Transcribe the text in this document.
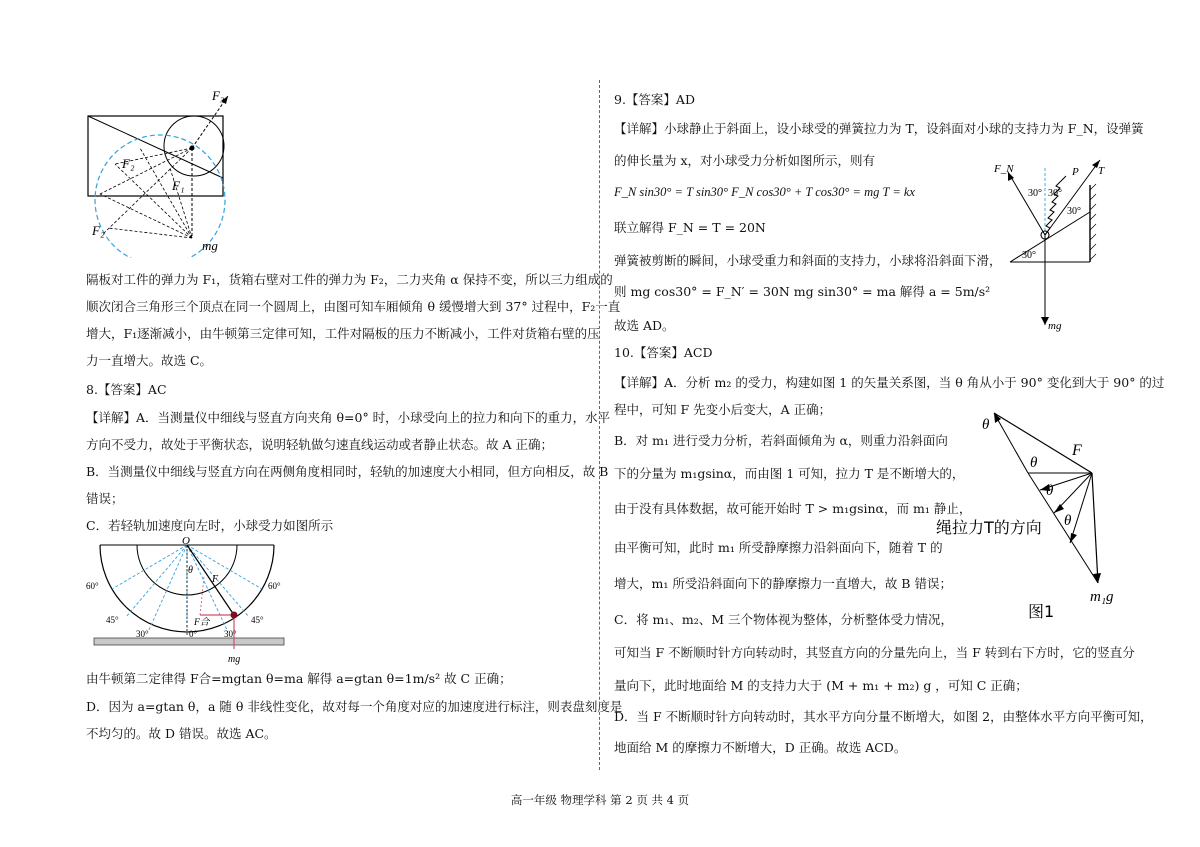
F₃
F₂
F₁
F₂
mg
隔板对工件的弹力为 F₁，货箱右壁对工件的弹力为 F₂，二力夹角 α 保持不变，所以三力组成的
顺次闭合三角形三个顶点在同一个圆周上，由图可知车厢倾角 θ 缓慢增大到 37° 过程中，F₂一直
增大，F₁逐渐减小，由牛顿第三定律可知，工件对隔板的压力不断减小，工件对货箱右壁的压
力一直增大。故选 C。
8.【答案】AC
【详解】A．当测量仪中细线与竖直方向夹角 θ=0° 时，小球受向上的拉力和向下的重力，水平
方向不受力，故处于平衡状态，说明轻轨做匀速直线运动或者静止状态。故 A 正确；
B．当测量仪中细线与竖直方向在两侧角度相同时，轻轨的加速度大小相同，但方向相反，故 B
错误；
C．若轻轨加速度向左时，小球受力如图所示
O
θ
F
F合
mg
60°
45°
30°	0°	30°
45°
60°
由牛顿第二定律得 F合=mgtan θ=ma 解得 a=gtan θ=1m/s² 故 C 正确；
D．因为 a=gtan θ，a 随 θ 非线性变化，故对每一个角度对应的加速度进行标注，则表盘刻度是
不均匀的。故 D 错误。故选 AC。
9.【答案】AD
【详解】小球静止于斜面上，设小球受的弹簧拉力为 T，设斜面对小球的支持力为 F_N，设弹簧
的伸长量为 x，对小球受力分析如图所示，则有
F_N sin30° = T sin30° F_N cos30° + T cos30° = mg T = kx
联立解得 F_N = T = 20N
弹簧被剪断的瞬间，小球受重力和斜面的支持力，小球将沿斜面下滑，
则 mg cos30° = F_N′ = 30N mg sin30° = ma 解得 a = 5m/s²
故选 AD。
F_N	P T
30° 30°
30°
30°
mg
10.【答案】ACD
【详解】A．分析 m₂ 的受力，构建如图 1 的矢量关系图，当 θ 角从小于 90° 变化到大于 90° 的过
程中，可知 F 先变小后变大，A 正确；
B．对 m₁ 进行受力分析，若斜面倾角为 α，则重力沿斜面向
下的分量为 m₁gsinα，而由图 1 可知，拉力 T 是不断增大的，
由于没有具体数据，故可能开始时 T > m₁gsinα，而 m₁ 静止，
由平衡可知，此时 m₁ 所受静摩擦力沿斜面向下，随着 T 的
增大，m₁ 所受沿斜面向下的静摩擦力一直增大，故 B 错误；
C．将 m₁、m₂、M 三个物体视为整体，分析整体受力情况，
可知当 F 不断顺时针方向转动时，其竖直方向的分量先向上，当 F 转到右下方时，它的竖直分
量向下，此时地面给 M 的支持力大于 (M + m₁ + m₂) g ，可知 C 正确；
D．当 F 不断顺时针方向转动时，其水平方向分量不断增大，如图 2，由整体水平方向平衡可知，
地面给 M 的摩擦力不断增大，D 正确。故选 ACD。
θ
F
θ
θ
θ
绳拉力T的方向
m₁g
图1
高一年级 物理学科 第 2 页 共 4 页
